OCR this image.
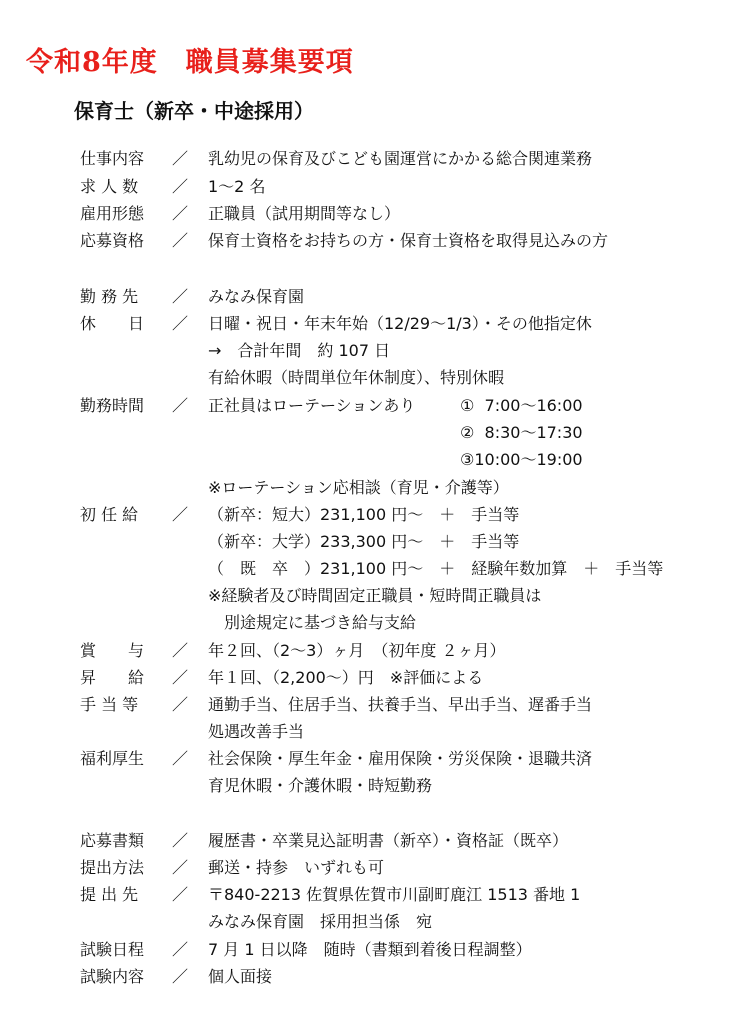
令和8年度　職員募集要項
保育士（新卒・中途採用）
仕事内容 ／ 乳幼児の保育及びこども園運営にかかる総合関連業務
求 人 数 ／ 1〜2 名
雇用形態 ／ 正職員（試用期間等なし）
応募資格 ／ 保育士資格をお持ちの方・保育士資格を取得見込みの方
勤 務 先 ／ みなみ保育園
休　　日 ／ 日曜・祝日・年末年始（12/29〜1/3）・その他指定休
→　合計年間　約 107 日
有給休暇（時間単位年休制度）、特別休暇
勤務時間 ／ 正社員はローテーションあり	①  7:00〜16:00
②  8:30〜17:30
③10:00〜19:00
※ローテーション応相談（育児・介護等）
初 任 給 ／ （新卒：短大）231,100 円〜　＋　手当等
（新卒：大学）233,300 円〜　＋　手当等
（　既　卒　）231,100 円〜　＋　経験年数加算　＋　手当等
※経験者及び時間固定正職員・短時間正職員は
　別途規定に基づき給与支給
賞　　与 ／ 年２回、（2〜3）ヶ月　（初年度 ２ヶ月）
昇　　給 ／ 年１回、（2,200〜）円　※評価による
手 当 等 ／ 通勤手当、住居手当、扶養手当、早出手当、遅番手当
処遇改善手当
福利厚生 ／ 社会保険・厚生年金・雇用保険・労災保険・退職共済
育児休暇・介護休暇・時短勤務
応募書類 ／ 履歴書・卒業見込証明書（新卒）・資格証（既卒）
提出方法 ／ 郵送・持参　いずれも可
提 出 先 ／ 〒840-2213 佐賀県佐賀市川副町鹿江 1513 番地 1
みなみ保育園　採用担当係　宛
試験日程 ／ 7 月 1 日以降　随時（書類到着後日程調整）
試験内容 ／ 個人面接
